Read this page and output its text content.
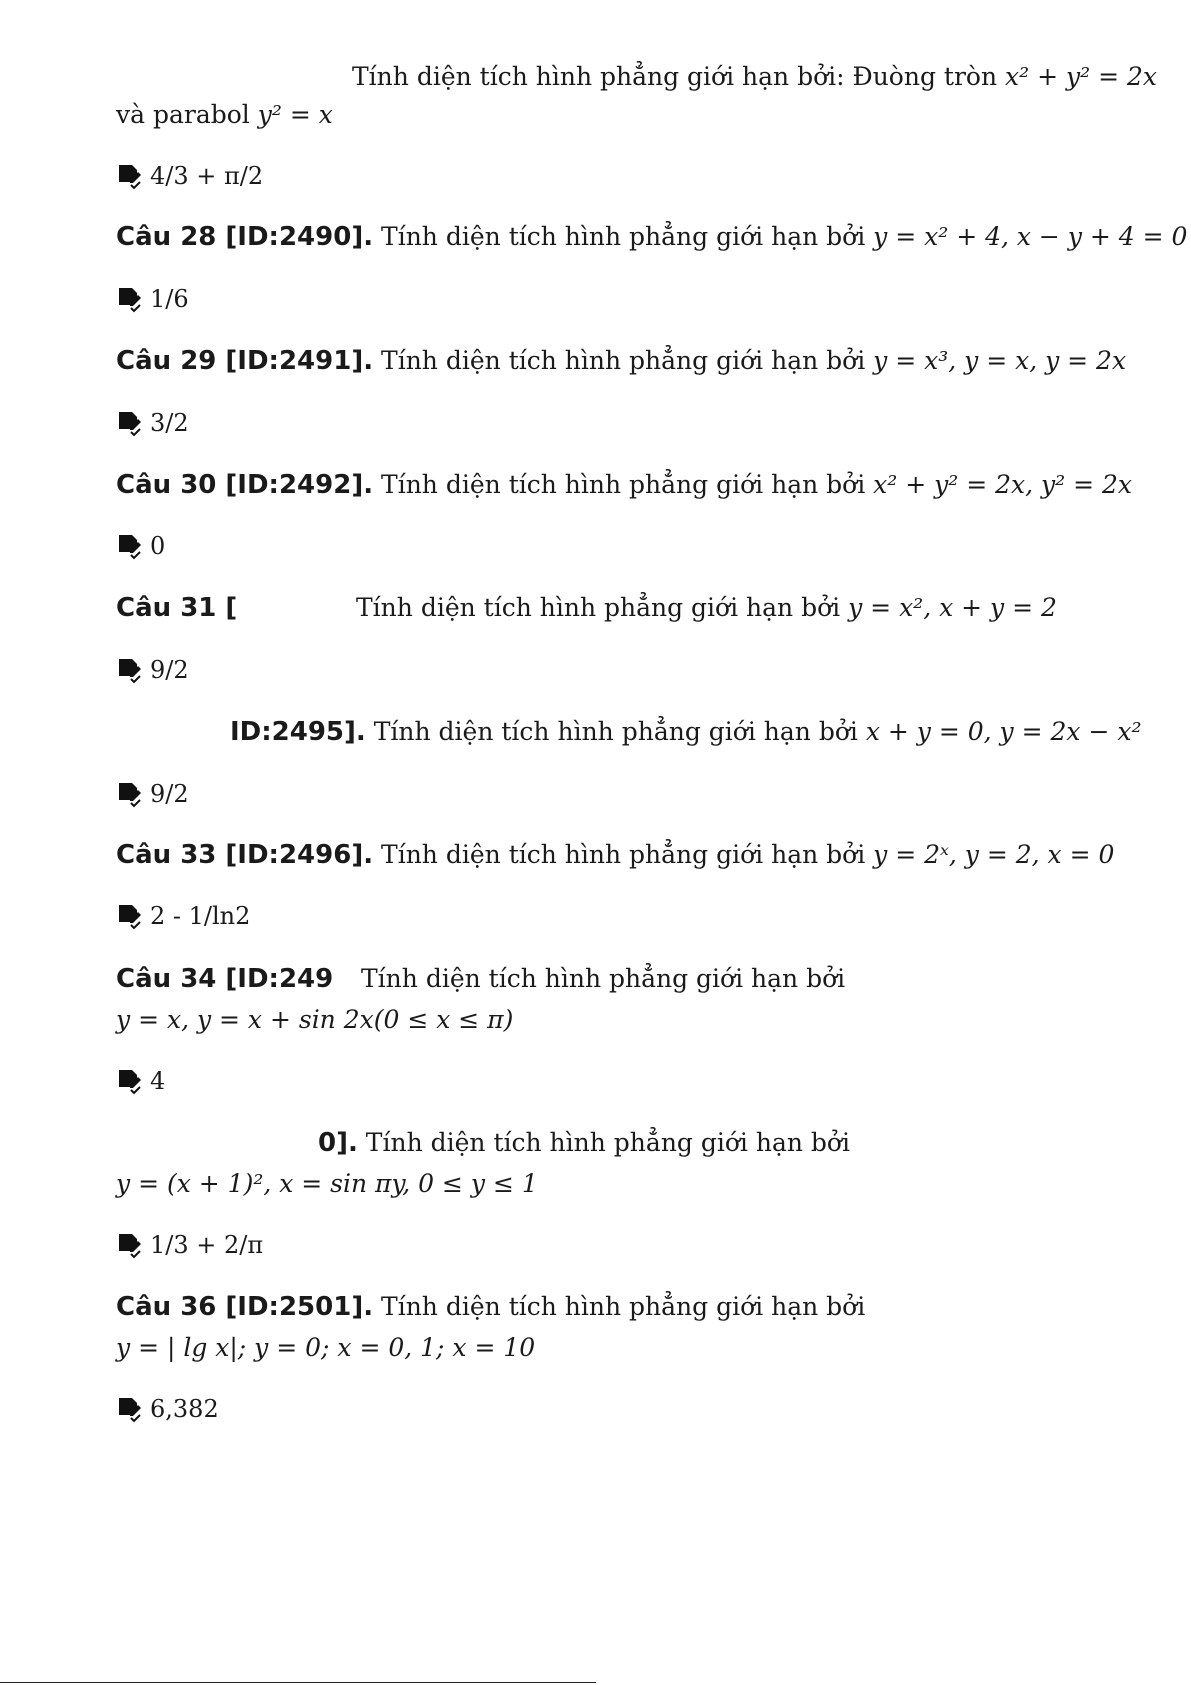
Tính diện tích hình phẳng giới hạn bởi: Đuòng tròn x² + y² = 2x
và parabol y² = x
4/3 + π/2
Câu 28 [ID:2490]. Tính diện tích hình phẳng giới hạn bởi y = x² + 4, x − y + 4 = 0
1/6
Câu 29 [ID:2491]. Tính diện tích hình phẳng giới hạn bởi y = x³, y = x, y = 2x
3/2
Câu 30 [ID:2492]. Tính diện tích hình phẳng giới hạn bởi x² + y² = 2x, y² = 2x
0
Câu 31 [	Tính diện tích hình phẳng giới hạn bởi y = x², x + y = 2
9/2
ID:2495]. Tính diện tích hình phẳng giới hạn bởi x + y = 0, y = 2x − x²
9/2
Câu 33 [ID:2496]. Tính diện tích hình phẳng giới hạn bởi y = 2ˣ, y = 2, x = 0
2 - 1/ln2
Câu 34 [ID:249 Tính diện tích hình phẳng giới hạn bởi
y = x, y = x + sin 2x(0 ≤ x ≤ π)
4
0]. Tính diện tích hình phẳng giới hạn bởi
y = (x + 1)², x = sin πy, 0 ≤ y ≤ 1
1/3 + 2/π
Câu 36 [ID:2501]. Tính diện tích hình phẳng giới hạn bởi
y = | lg x|; y = 0; x = 0, 1; x = 10
6,382
